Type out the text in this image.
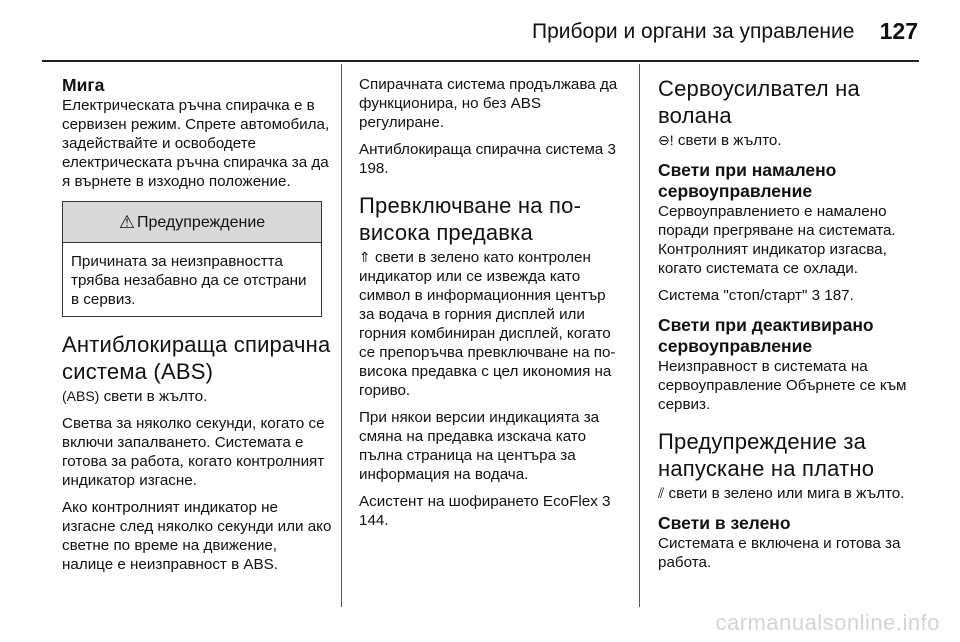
Прибори и органи за управление 127
Мига

Електрическата ръчна спирачка е в сервизен режим. Спрете автомобила, задействайте и освободете електрическата ръчна спирачка за да я върнете в изходно положение.

⚠ Предупреждение
Причината за неизправността трябва незабавно да се отстрани в сервиз.
Антиблокираща спирачна система (ABS)

(ABS) свети в жълто.

Светва за няколко секунди, когато се включи запалването. Системата е готова за работа, когато контролният индикатор изгасне.

Ако контролният индикатор не изгасне след няколко секунди или ако светне по време на движение, налице е неизправност в ABS.

Спирачната система продължава да функционира, но без ABS регулиране.

Антиблокираща спирачна система 3 198.

Превключване на по-висока предавка

⇑ свети в зелено като контролен индикатор или се извежда като символ в информационния център за водача в горния дисплей или горния комбиниран дисплей, когато се препоръчва превключване на по-висока предавка с цел икономия на гориво.

При някои версии индикацията за смяна на предавка изскача като пълна страница на центъра за информация на водача.

Асистент на шофирането EcoFlex 3 144.

Сервоусилвател на волана

⊖! свети в жълто.

Свети при намалено сервоуправление

Сервоуправлението е намалено поради прегряване на системата. Контролният индикатор изгасва, когато системата се охлади.

Система "стоп/старт" 3 187.

Свети при деактивирано сервоуправление

Неизправност в системата на сервоуправление Обърнете се към сервиз.

Предупреждение за напускане на платно

⫽ свети в зелено или мига в жълто.

Свети в зелено

Системата е включена и готова за работа.

carmanualsonline.info
